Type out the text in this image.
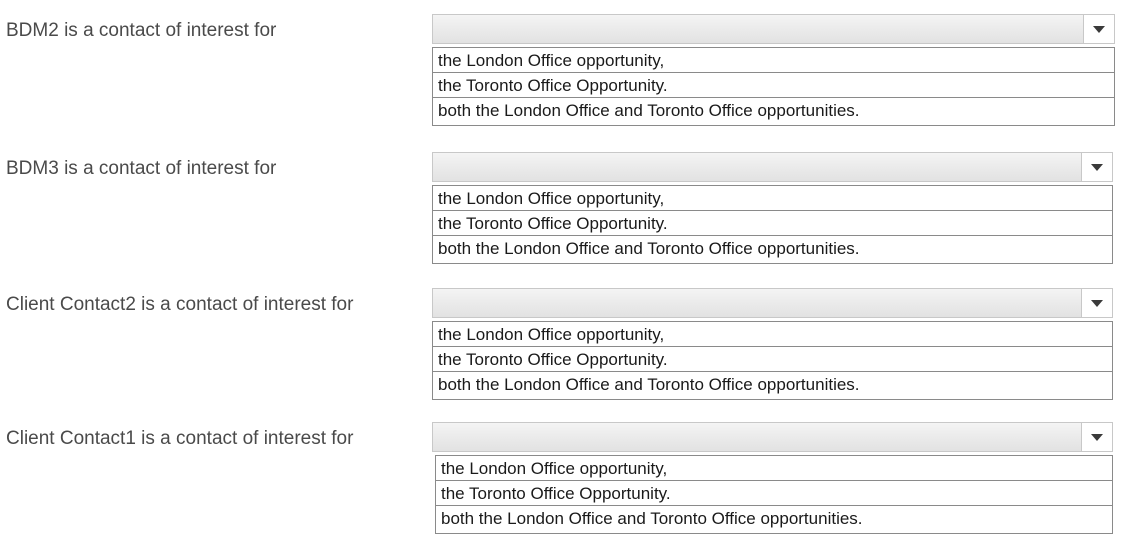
BDM2 is a contact of interest for
the London Office opportunity,
the Toronto Office Opportunity.
both the London Office and Toronto Office opportunities.
BDM3 is a contact of interest for
the London Office opportunity,
the Toronto Office Opportunity.
both the London Office and Toronto Office opportunities.
Client Contact2 is a contact of interest for
the London Office opportunity,
the Toronto Office Opportunity.
both the London Office and Toronto Office opportunities.
Client Contact1 is a contact of interest for
the London Office opportunity,
the Toronto Office Opportunity.
both the London Office and Toronto Office opportunities.
